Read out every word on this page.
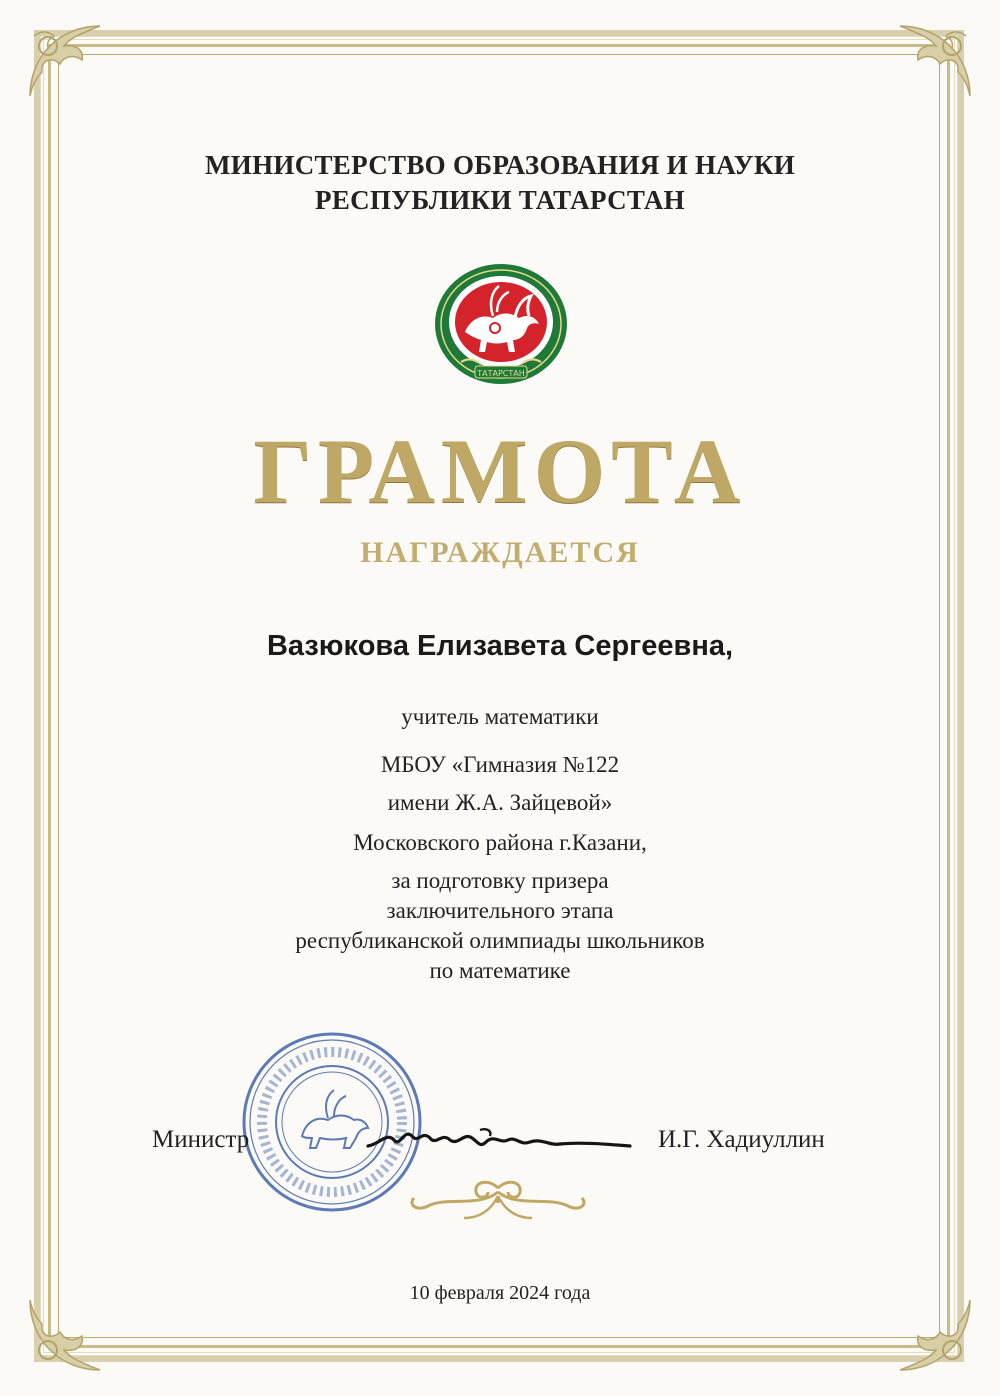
МИНИСТЕРСТВО ОБРАЗОВАНИЯ И НАУКИ
РЕСПУБЛИКИ ТАТАРСТАН
ТАТАРСТАН
ГРАМОТА
НАГРАЖДАЕТСЯ
Вазюкова Елизавета Сергеевна,
учитель математики
МБОУ «Гимназия №122
имени Ж.А. Зайцевой»
Московского района г.Казани,
за подготовку призера
заключительного этапа
республиканской олимпиады школьников
по математике
Министр	И.Г. Хадиуллин
10 февраля 2024 года
